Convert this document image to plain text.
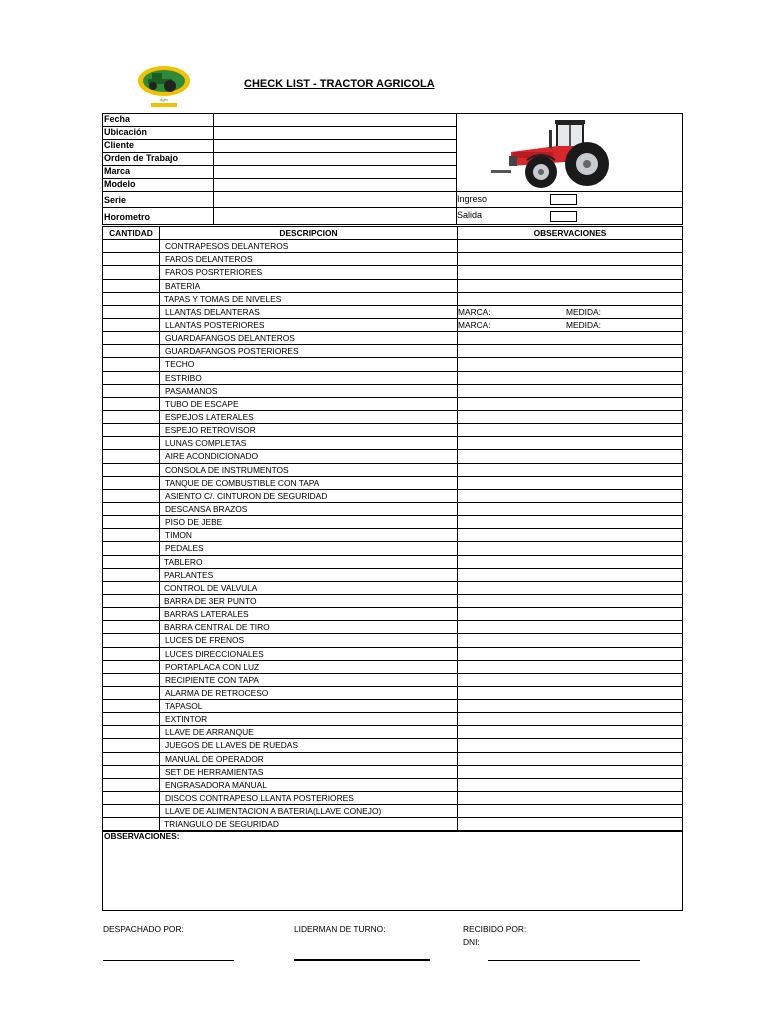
Agro
CHECK LIST - TRACTOR AGRICOLA
Fecha
Ubicación
Cliente
Orden de Trabajo
Marca
Modelo
Serie
Horometro
Ingreso
Salida
CANTIDAD	DESCRIPCION	OBSERVACIONES
CONTRAPESOS DELANTEROS
FAROS DELANTEROS
FAROS POSRTERIORES
BATERIA
TAPAS Y TOMAS DE NIVELES
LLANTAS DELANTERAS	MARCA:	MEDIDA:
LLANTAS POSTERIORES	MARCA:	MEDIDA:
GUARDAFANGOS DELANTEROS
GUARDAFANGOS POSTERIORES
TECHO
ESTRIBO
PASAMANOS
TUBO DE ESCAPE
ESPEJOS LATERALES
ESPEJO RETROVISOR
LUNAS COMPLETAS
AIRE ACONDICIONADO
CONSOLA DE INSTRUMENTOS
TANQUE DE COMBUSTIBLE CON TAPA
ASIENTO C/. CINTURON DE SEGURIDAD
DESCANSA BRAZOS
PISO DE JEBE
TIMON
PEDALES
TABLERO
PARLANTES
CONTROL DE VALVULA
BARRA DE 3ER PUNTO
BARRAS LATERALES
BARRA CENTRAL DE TIRO
LUCES DE FRENOS
LUCES DIRECCIONALES
PORTAPLACA CON LUZ
RECIPIENTE CON TAPA
ALARMA DE RETROCESO
TAPASOL
EXTINTOR
LLAVE DE ARRANQUE
JUEGOS DE LLAVES DE RUEDAS
MANUAL DE OPERADOR
SET DE HERRAMIENTAS
ENGRASADORA MANUAL
DISCOS CONTRAPESO LLANTA POSTERIORES
LLAVE DE ALIMENTACION A BATERIA(LLAVE CONEJO)
TRIANGULO DE SEGURIDAD
OBSERVACIONES:
DESPACHADO POR:	LIDERMAN DE TURNO:	RECIBIDO POR:
DNI:
